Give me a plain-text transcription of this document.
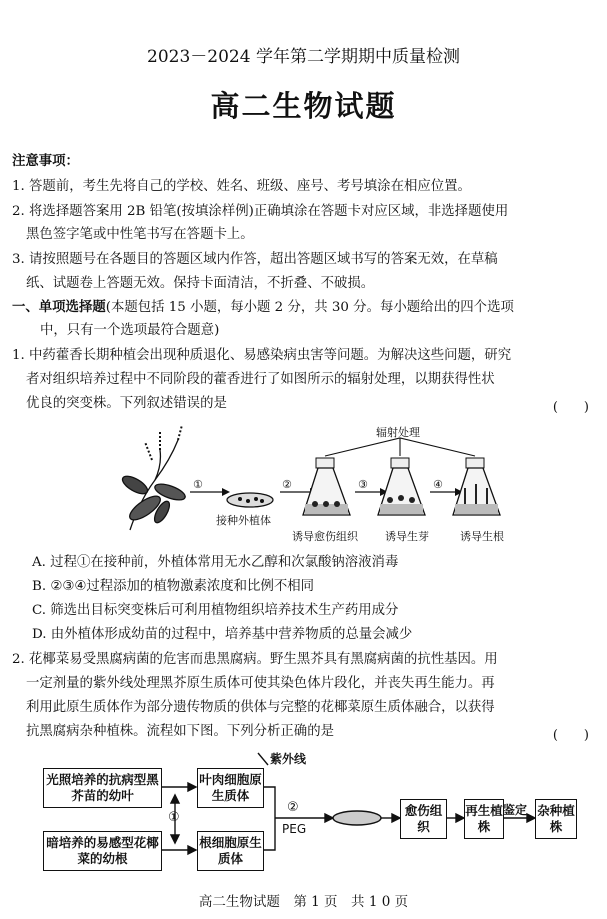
2023－2024 学年第二学期期中质量检测
高二生物试题
注意事项：
1. 答题前，考生先将自己的学校、姓名、班级、座号、考号填涂在相应位置。
2. 将选择题答案用 2B 铅笔(按填涂样例)正确填涂在答题卡对应区域，非选择题使用
黑色签字笔或中性笔书写在答题卡上。
3. 请按照题号在各题目的答题区域内作答，超出答题区域书写的答案无效，在草稿
纸、试题卷上答题无效。保持卡面清洁，不折叠、不破损。
一、单项选择题(本题包括 15 小题，每小题 2 分，共 30 分。每小题给出的四个选项
中，只有一个选项最符合题意)
1. 中药藿香长期种植会出现种质退化、易感染病虫害等问题。为解决这些问题，研究
者对组织培养过程中不同阶段的藿香进行了如图所示的辐射处理，以期获得性状
优良的突变株。下列叙述错误的是	(　　)
辐射处理
①	②	③	④
接种外植体
诱导愈伤组织 诱导生芽	诱导生根
A. 过程①在接种前，外植体常用无水乙醇和次氯酸钠溶液消毒
B. ②③④过程添加的植物激素浓度和比例不相同
C. 筛选出目标突变株后可利用植物组织培养技术生产药用成分
D. 由外植体形成幼苗的过程中，培养基中营养物质的总量会减少
2. 花椰菜易受黑腐病菌的危害而患黑腐病。野生黑芥具有黑腐病菌的抗性基因。用
一定剂量的紫外线处理黑芥原生质体可使其染色体片段化，并丧失再生能力。再
利用此原生质体作为部分遗传物质的供体与完整的花椰菜原生质体融合，以获得
抗黑腐病杂种植株。流程如下图。下列分析正确的是	(　　)
紫外线
光照培养的抗病型黑芥苗的幼叶
叶肉细胞原生质体
①
暗培养的易感型花椰菜的幼根
根细胞原生质体
②
PEG
愈伤组织
再生植株
鉴定 杂种植株
高二生物试题　第 1 页　共 1 0 页
